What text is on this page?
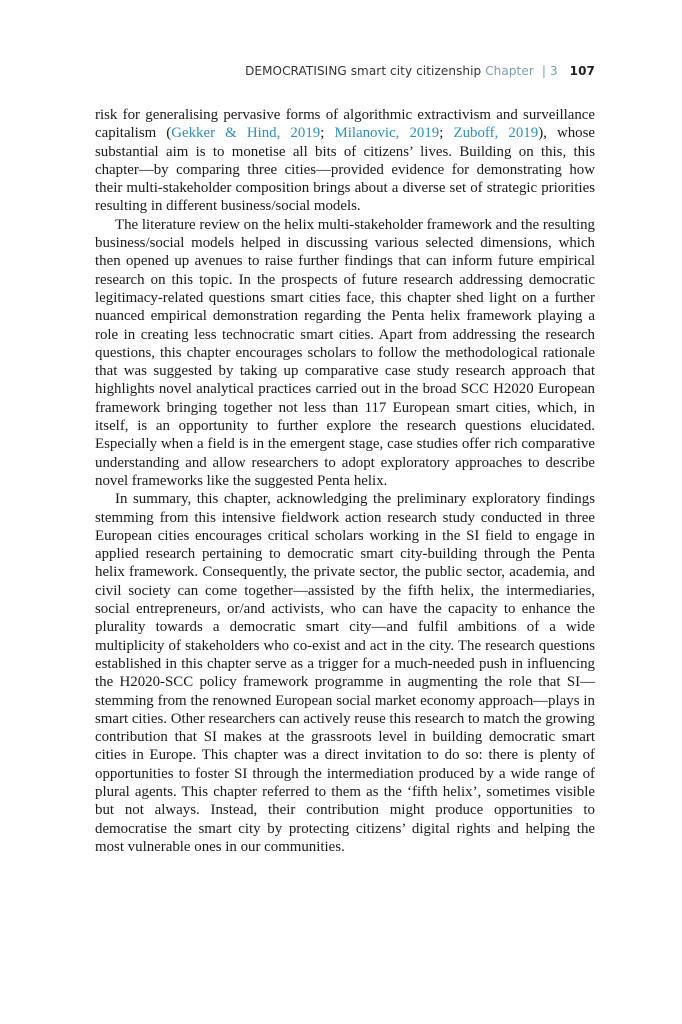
DEMOCRATISING smart city citizenship Chapter | 3 107

risk for generalising pervasive forms of algorithmic extractivism and surveillance capitalism (Gekker & Hind, 2019; Milanovic, 2019; Zuboff, 2019), whose substantial aim is to monetise all bits of citizens’ lives. Building on this, this chapter—by comparing three cities—provided evidence for demonstrating how their multi-stakeholder composition brings about a diverse set of strategic priorities resulting in different business/social models.

The literature review on the helix multi-stakeholder framework and the resulting business/social models helped in discussing various selected dimensions, which then opened up avenues to raise further findings that can inform future empirical research on this topic. In the prospects of future research addressing democratic legitimacy-related questions smart cities face, this chapter shed light on a further nuanced empirical demonstration regarding the Penta helix framework playing a role in creating less technocratic smart cities. Apart from addressing the research questions, this chapter encourages scholars to follow the methodological rationale that was suggested by taking up comparative case study research approach that highlights novel analytical practices carried out in the broad SCC H2020 European framework bringing together not less than 117 European smart cities, which, in itself, is an opportunity to further explore the research questions elucidated. Especially when a field is in the emergent stage, case studies offer rich comparative understanding and allow researchers to adopt exploratory approaches to describe novel frameworks like the suggested Penta helix.

In summary, this chapter, acknowledging the preliminary exploratory findings stemming from this intensive fieldwork action research study conducted in three European cities encourages critical scholars working in the SI field to engage in applied research pertaining to democratic smart city-building through the Penta helix framework. Consequently, the private sector, the public sector, academia, and civil society can come together—assisted by the fifth helix, the intermediaries, social entrepreneurs, or/and activists, who can have the capacity to enhance the plurality towards a democratic smart city—and fulfil ambitions of a wide multiplicity of stakeholders who co-exist and act in the city. The research questions established in this chapter serve as a trigger for a much-needed push in influencing the H2020-SCC policy framework programme in augmenting the role that SI—stemming from the renowned European social market economy approach—plays in smart cities. Other researchers can actively reuse this research to match the growing contribution that SI makes at the grassroots level in building democratic smart cities in Europe. This chapter was a direct invitation to do so: there is plenty of opportunities to foster SI through the intermediation produced by a wide range of plural agents. This chapter referred to them as the ‘fifth helix’, sometimes visible but not always. Instead, their contribution might produce opportunities to democratise the smart city by protecting citizens’ digital rights and helping the most vulnerable ones in our communities.
